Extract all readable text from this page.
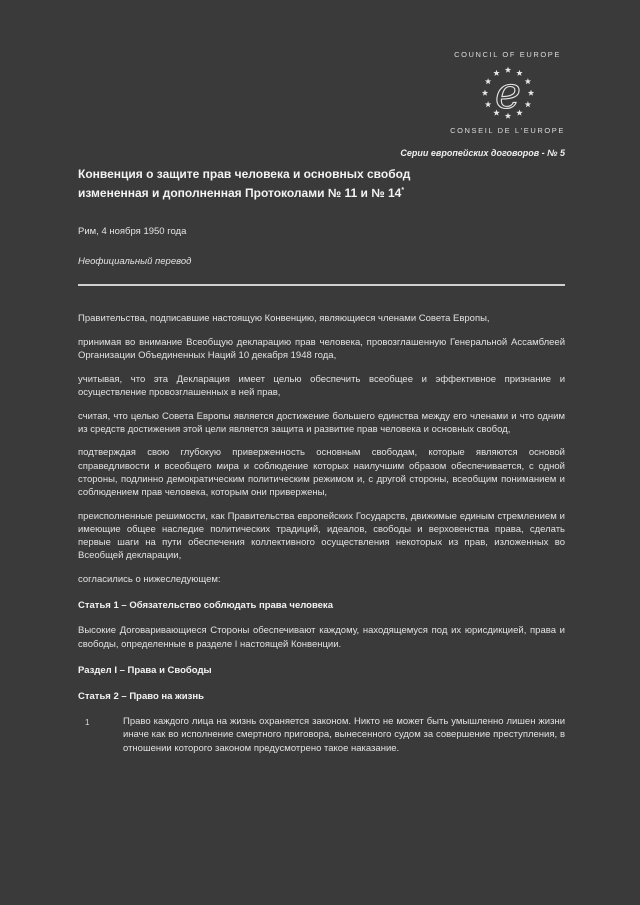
COUNCIL OF EUROPE
e
CONSEIL DE L'EUROPE
Серии европейских договоров - № 5
Конвенция о защите прав человека и основных свобод
измененная и дополненная Протоколами № 11 и № 14*

Рим, 4 ноября 1950 года

Неофициальный перевод

Правительства, подписавшие настоящую Конвенцию, являющиеся членами Совета Европы,

принимая во внимание Всеобщую декларацию прав человека, провозглашенную Генеральной Ассамблеей Организации Объединенных Наций 10 декабря 1948 года,

учитывая, что эта Декларация имеет целью обеспечить всеобщее и эффективное признание и осуществление провозглашенных в ней прав,

считая, что целью Совета Европы является достижение большего единства между его членами и что одним из средств достижения этой цели является защита и развитие прав человека и основных свобод,

подтверждая свою глубокую приверженность основным свободам, которые являются основой справедливости и всеобщего мира и соблюдение которых наилучшим образом обеспечивается, с одной стороны, подлинно демократическим политическим режимом и, с другой стороны, всеобщим пониманием и соблюдением прав человека, которым они привержены,

преисполненные решимости, как Правительства европейских Государств, движимые единым стремлением и имеющие общее наследие политических традиций, идеалов, свободы и верховенства права, сделать первые шаги на пути обеспечения коллективного осуществления некоторых из прав, изложенных во Всеобщей декларации,

согласились о нижеследующем:

Статья 1 – Обязательство соблюдать права человека

Высокие Договаривающиеся Стороны обеспечивают каждому, находящемуся под их юрисдикцией, права и свободы, определенные в разделе I настоящей Конвенции.

Раздел I – Права и Свободы

Статья 2 – Право на жизнь

1	Право каждого лица на жизнь охраняется законом. Никто не может быть умышленно лишен жизни иначе как во исполнение смертного приговора, вынесенного судом за совершение преступления, в отношении которого законом предусмотрено такое наказание.
